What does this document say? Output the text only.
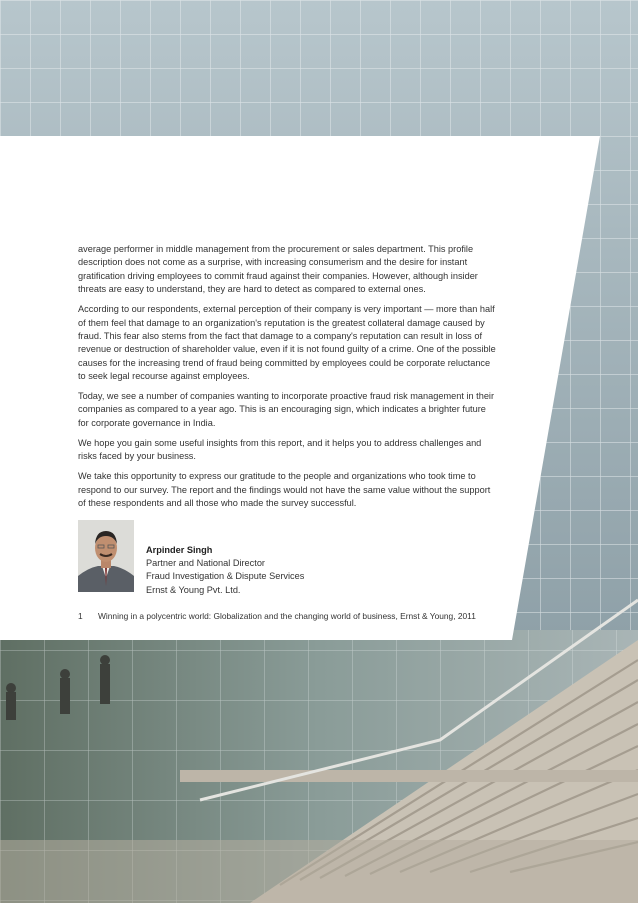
average performer in middle management from the procurement or sales department. This profile description does not come as a surprise, with increasing consumerism and the desire for instant gratification driving employees to commit fraud against their companies. However, although insider threats are easy to understand, they are hard to detect as compared to external ones.

According to our respondents, external perception of their company is very important — more than half of them feel that damage to an organization's reputation is the greatest collateral damage caused by fraud. This fear also stems from the fact that damage to a company's reputation can result in loss of revenue or destruction of shareholder value, even if it is not found guilty of a crime. One of the possible causes for the increasing trend of fraud being committed by employees could be corporate reluctance to seek legal recourse against employees.

Today, we see a number of companies wanting to incorporate proactive fraud risk management in their companies as compared to a year ago. This is an encouraging sign, which indicates a brighter future for corporate governance in India.

We hope you gain some useful insights from this report, and it helps you to address challenges and risks faced by your business.

We take this opportunity to express our gratitude to the people and organizations who took time to respond to our survey. The report and the findings would not have the same value without the support of these respondents and all those who made the survey successful.

Arpinder Singh
Partner and National Director
Fraud Investigation & Dispute Services
Ernst & Young Pvt. Ltd.
1	Winning in a polycentric world: Globalization and the changing world of business, Ernst & Young, 2011
